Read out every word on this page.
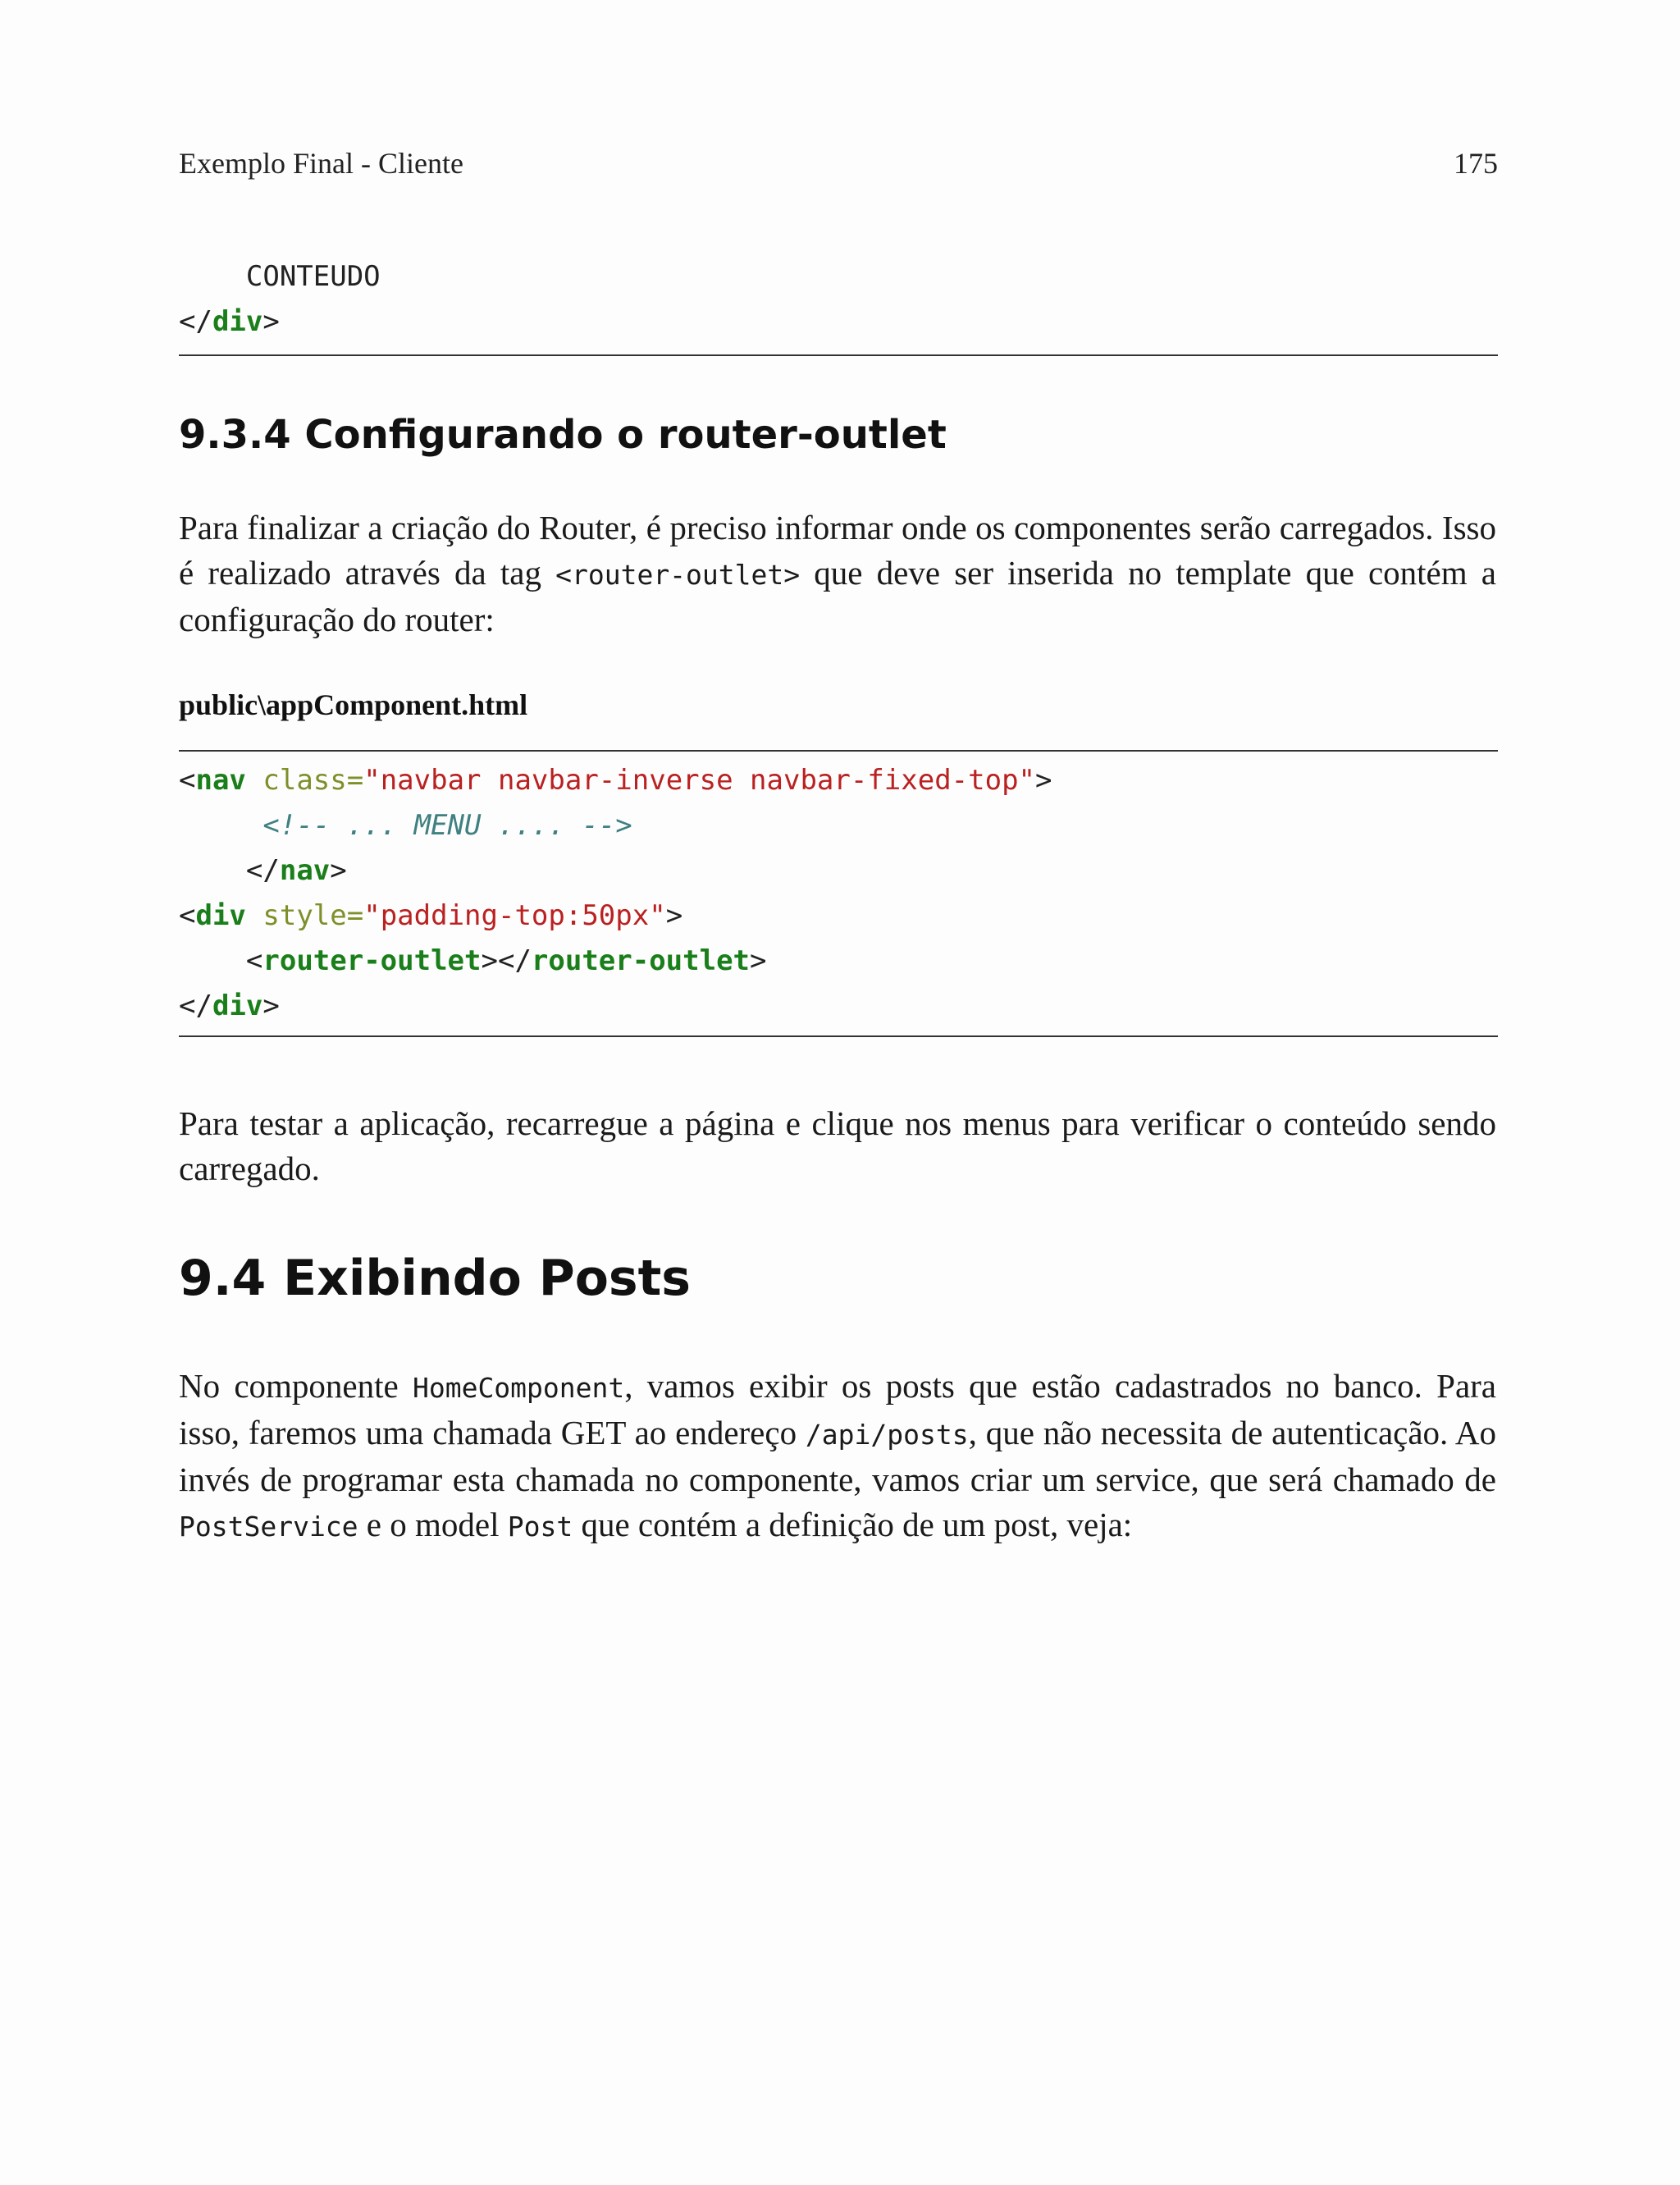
Exemplo Final - Cliente	175
CONTEUDO
</div>
9.3.4 Configurando o router-outlet

Para finalizar a criação do Router, é preciso informar onde os componentes serão carregados. Isso é realizado através da tag <router-outlet> que deve ser inserida no template que contém a configuração do router:

public\appComponent.html
<nav class="navbar navbar-inverse navbar-fixed-top">
<!-- ... MENU .... -->
</nav>
<div style="padding-top:50px">
<router-outlet></router-outlet>
</div>

Para testar a aplicação, recarregue a página e clique nos menus para verificar o conteúdo sendo carregado.

9.4 Exibindo Posts

No componente HomeComponent, vamos exibir os posts que estão cadastrados no banco. Para isso, faremos uma chamada GET ao endereço /api/posts, que não necessita de autenticação. Ao invés de programar esta chamada no componente, vamos criar um service, que será chamado de PostService e o model Post que contém a definição de um post, veja:
